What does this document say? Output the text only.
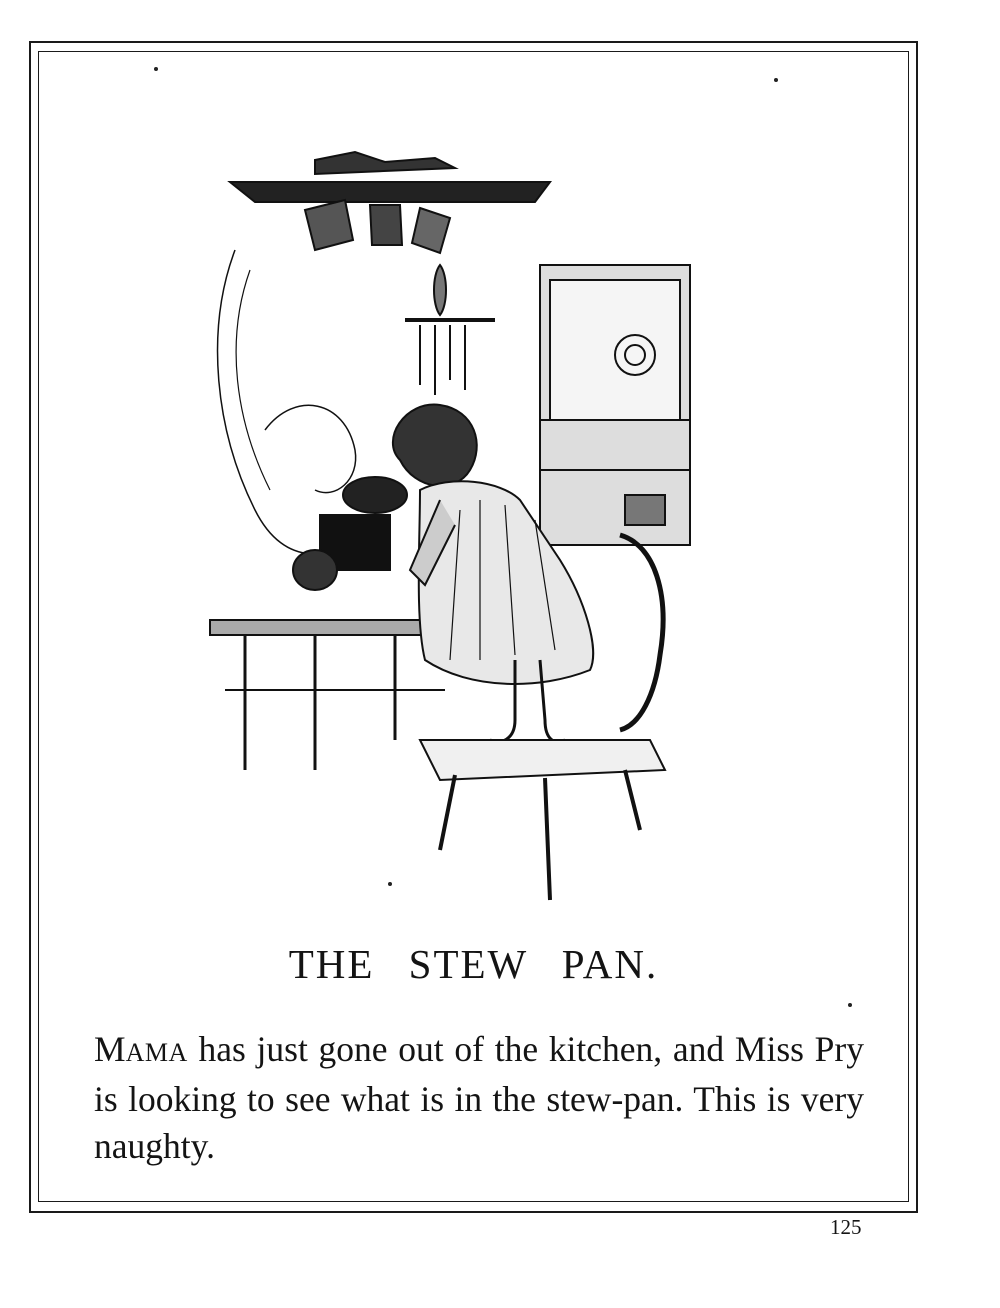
THE STEW PAN.
MAMA has just gone out of the kitchen, and Miss Pry is looking to see what is in the stew-pan. This is very naughty.
125
